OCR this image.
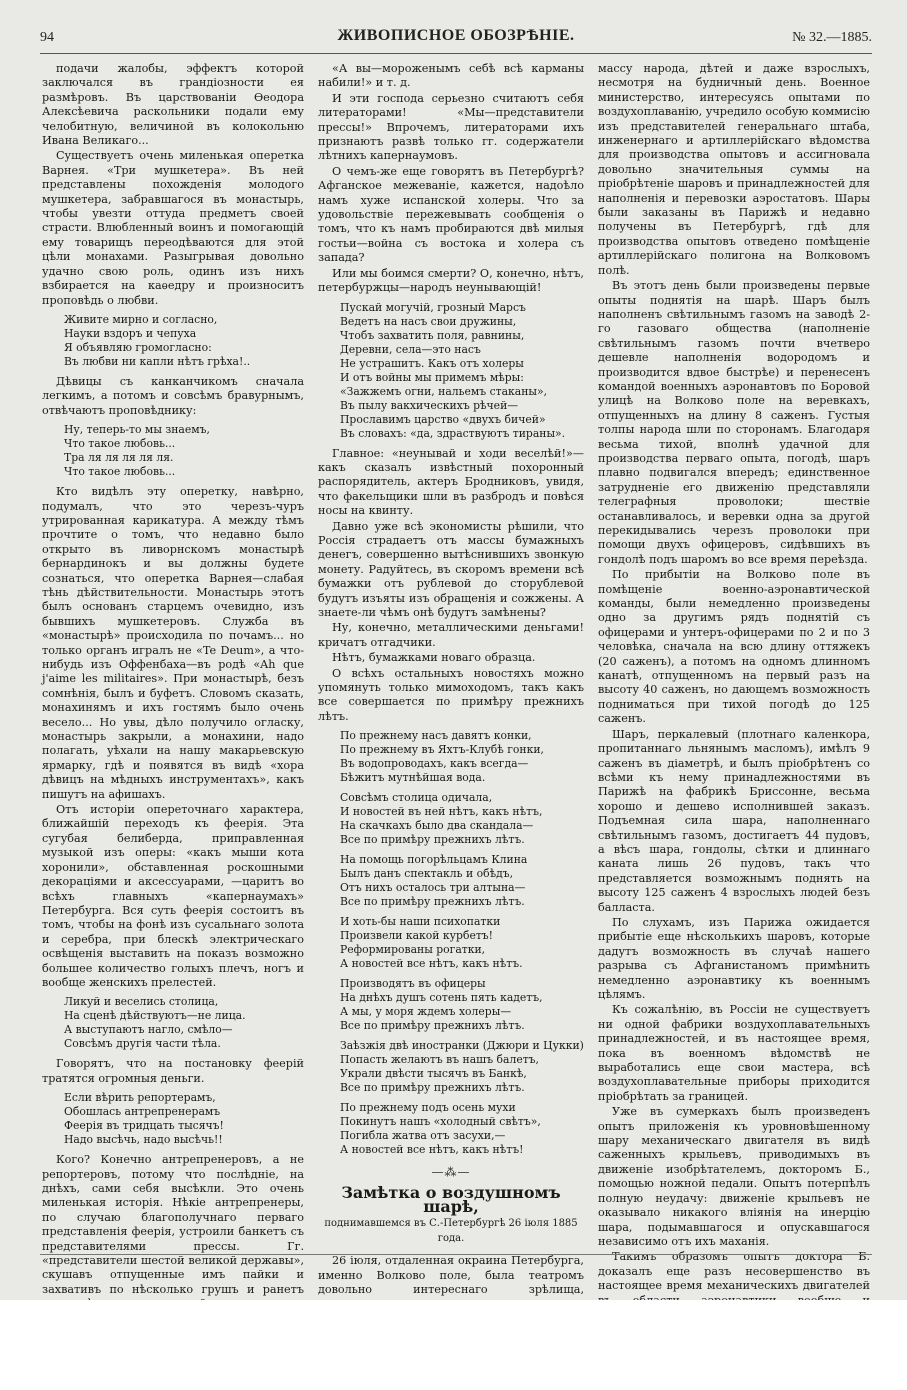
94	ЖИВОПИСНОЕ ОБОЗРѢНІЕ.	№ 32.—1885.

подачи жалобы, эффектъ которой заключался въ грандіозности ея размѣровъ. Въ царствованіи Ѳеодора Алексѣевича раскольники подали ему челобитную, величиной въ колокольню Ивана Великаго...

Существуетъ очень миленькая оперетка Варнея. «Три мушкетера». Въ ней представлены похожденія молодого мушкетера, забравшагося въ монастырь, чтобы увезти оттуда предметъ своей страсти. Влюбленный воинъ и помогающій ему товарищъ переодѣваются для этой цѣли монахами. Разыгрывая довольно удачно свою роль, одинъ изъ нихъ взбирается на каѳедру и произноситъ проповѣдь о любви.

Живите мирно и согласно,
Науки вздоръ и чепуха
Я объявляю громогласно:
Въ любви ни капли нѣтъ грѣха!..

Дѣвицы съ канканчикомъ сначала легкимъ, а потомъ и совсѣмъ бравурнымъ, отвѣчаютъ проповѣднику:

Ну, теперь-то мы знаемъ,
Что такое любовь...
Тра ля ля ля ля ля.
Что такое любовь...

Кто видѣлъ эту оперетку, навѣрно, подумалъ, что это черезъ-чуръ утрированная карикатура. А между тѣмъ прочтите о томъ, что недавно было открыто въ ливорнскомъ монастырѣ бернардинокъ и вы должны будете сознаться, что оперетка Варнея—слабая тѣнь дѣйствительности. Монастырь этотъ былъ основанъ старцемъ очевидно, изъ бывшихъ мушкетеровъ. Служба въ «монастырѣ» происходила по почамъ... но только органъ игралъ не «Te Deum», а что-нибудь изъ Оффенбаха—въ родѣ «Ah que j'aime les militaires». При монастырѣ, безъ сомнѣнія, былъ и буфетъ. Словомъ сказать, монахинямъ и ихъ гостямъ было очень весело... Но увы, дѣло получило огласку, монастырь закрыли, а монахини, надо полагать, уѣхали на нашу макарьевскую ярмарку, гдѣ и появятся въ видѣ «хора дѣвицъ на мѣдныхъ инструментахъ», какъ пишутъ на афишахъ.

Отъ исторіи опереточнаго характера, ближайшій переходъ къ феерія. Эта сугубая белиберда, приправленная музыкой изъ оперы: «какъ мыши кота хоронили», обставленная роскошными декораціями и аксессуарами, —царитъ во всѣхъ главныхъ «капернаумахъ» Петербурга. Вся суть феерія состоитъ въ томъ, чтобы на фонѣ изъ сусальнаго золота и серебра, при блескѣ электрическаго освѣщенія выставить на показъ возможно большее количество голыхъ плечъ, ногъ и вообще женскихъ прелестей.

Ликуй и веселись столица,
На сценѣ дѣйствуютъ—не лица.
А выступаютъ нагло, смѣло—
Совсѣмъ другія части тѣла.

Говорятъ, что на постановку феерій тратятся огромныя деньги.

Если вѣрить репортерамъ,
Обошлась антрепренерамъ
Феерія въ тридцать тысячъ!
Надо высѣчь, надо высѣчь!!

Кого? Конечно антрепренеровъ, а не репортеровъ, потому что послѣдніе, на днѣхъ, сами себя высѣкли. Это очень миленькая исторія. Нѣкіе антрепренеры, по случаю благополучнаго перваго представленія феерія, устроили банкетъ съ представителями прессы. Гг. «представители шестой великой державы», скушавъ отпущенные имъ пайки и захвативъ по нѣсколько грушъ и ранетъ

«А вы—мороженымъ себѣ всѣ карманы набили!» и т. д.

И эти господа серьезно считаютъ себя литераторами! «Мы—представители прессы!» Впрочемъ, литераторами ихъ признаютъ развѣ только гг. содержатели лѣтнихъ капернаумовъ.

О чемъ-же еще говорятъ въ Петербургѣ? Афганское межеваніе, кажется, надоѣло намъ хуже испанской холеры. Что за удовольствіе пережевывать сообщенія о томъ, что къ намъ пробираются двѣ милыя гостьи—война съ востока и холера съ запада?

Или мы боимся смерти? О, конечно, нѣтъ, петербуржцы—народъ неунывающій!

Пускай могучій, грозный Марсъ
Ведетъ на насъ свои дружины,
Чтобъ захватить поля, равнины,
Деревни, села—это насъ
Не устрашитъ. Какъ отъ холеры
И отъ войны мы примемъ мѣры:
«Зажжемъ огни, нальемъ стаканы»,
Въ пылу вакхическихъ рѣчей—
Прославимъ царство «двухъ бичей»
Въ словахъ: «да, здраствуютъ тираны».

Главное: «неунывай и ходи веселѣй!»—какъ сказалъ извѣстный похоронный распорядитель, актеръ Бродниковъ, увидя, что факельщики шли въ разбродъ и повѣся носы на квинту.

Давно уже всѣ экономисты рѣшили, что Россія страдаетъ отъ массы бумажныхъ денегъ, совершенно вытѣснившихъ звонкую монету. Радуйтесь, въ скоромъ времени всѣ бумажки отъ рублевой до сторублевой будутъ изъяты изъ обращенія и сожжены. А знаете-ли чѣмъ онѣ будутъ замѣнены?

Ну, конечно, металлическими деньгами! кричатъ отгадчики.

Нѣтъ, бумажками новаго образца.

О всѣхъ остальныхъ новостяхъ можно упомянуть только мимоходомъ, такъ какъ все совершается по примѣру прежнихъ лѣтъ.

По прежнему насъ давятъ конки,
По прежнему въ Яхтъ-Клубѣ гонки,
Въ водопроводахъ, какъ всегда—
Бѣжитъ мутнѣйшая вода.
Совсѣмъ столица одичала,
И новостей въ ней нѣтъ, какъ нѣтъ,
На скачкахъ было два скандала—
Все по примѣру прежнихъ лѣтъ.
На помощь погорѣльцамъ Клина
Былъ данъ спектакль и обѣдъ,
Отъ нихъ осталось три алтына—
Все по примѣру прежнихъ лѣтъ.
И хоть-бы наши психопатки
Произвели какой курбетъ!
Реформированы рогатки,
А новостей все нѣтъ, какъ нѣтъ.
Производятъ въ офицеры
На днѣхъ душъ сотень пять кадетъ,
А мы, у моря ждемъ холеры—
Все по примѣру прежнихъ лѣтъ.
Заѣзжія двѣ иностранки (Джюри и Цукки)
Попасть желаютъ въ нашъ балетъ,
Украли двѣсти тысячъ въ Банкѣ,
Все по примѣру прежнихъ лѣтъ.
По прежнему подъ осень мухи
Покинутъ нашъ «холодный свѣтъ»,
Погибла жатва отъ засухи,—
А новостей все нѣтъ, какъ нѣтъ!
—⁂—
Замѣтка о воздушномъ шарѣ,
поднимавшемся въ С.-Петербургѣ 26 іюля 1885 года.

26 іюля, отдаленная окраина Петербурга, именно Волково поле, была театромъ довольно интереснаго зрѣлища,

массу народа, дѣтей и даже взрослыхъ, несмотря на будничный день. Военное министерство, интересуясь опытами по воздухоплаванію, учредило особую коммисію изъ представителей генеральнаго штаба, инженернаго и артиллерійскаго вѣдомства для производства опытовъ и ассигновала довольно значительныя суммы на пріобрѣтеніе шаровъ и принадлежностей для наполненія и перевозки аэростатовъ. Шары были заказаны въ Парижѣ и недавно получены въ Петербургѣ, гдѣ для производства опытовъ отведено помѣщеніе артиллерійскаго полигона на Волковомъ полѣ.

Въ этотъ день были произведены первые опыты поднятія на шарѣ. Шаръ былъ наполненъ свѣтильнымъ газомъ на заводѣ 2-го газоваго общества (наполненіе свѣтильнымъ газомъ почти вчетверо дешевле наполненія водородомъ и производится вдвое быстрѣе) и перенесенъ командой военныхъ аэронавтовъ по Боровой улицѣ на Волково поле на веревкахъ, отпущенныхъ на длину 8 саженъ. Густыя толпы народа шли по сторонамъ. Благодаря весьма тихой, вполнѣ удачной для производства перваго опыта, погодѣ, шаръ плавно подвигался впередъ; единственное затрудненіе его движенію представляли телеграфныя проволоки; шествіе останавливалось, и веревки одна за другой перекидывались черезъ проволоки при помощи двухъ офицеровъ, сидѣвшихъ въ гондолѣ подъ шаромъ во все время переѣзда.

По прибытіи на Волково поле въ помѣщеніе военно-аэронавтической команды, были немедленно произведены одно за другимъ рядъ поднятій съ офицерами и унтеръ-офицерами по 2 и по 3 человѣка, сначала на всю длину оттяжекъ (20 саженъ), а потомъ на одномъ длинномъ канатѣ, отпущенномъ на первый разъ на высоту 40 саженъ, но дающемъ возможность подниматься при тихой погодѣ до 125 саженъ.

Шаръ, перкалевый (плотнаго каленкора, пропитаннаго льнянымъ масломъ), имѣлъ 9 саженъ въ діаметрѣ, и былъ пріобрѣтенъ со всѣми къ нему принадлежностями въ Парижѣ на фабрикѣ Бриссонне, весьма хорошо и дешево исполнившей заказъ. Подъемная сила шара, наполненнаго свѣтильнымъ газомъ, достигаетъ 44 пудовъ, а вѣсъ шара, гондолы, сѣтки и длиннаго каната лишь 26 пудовъ, такъ что представляется возможнымъ поднять на высоту 125 саженъ 4 взрослыхъ людей безъ балласта.

По слухамъ, изъ Парижа ожидается прибытіе еще нѣсколькихъ шаровъ, которые дадутъ возможность въ случаѣ нашего разрыва съ Афганистаномъ примѣнить немедленно аэронавтику къ военнымъ цѣлямъ.

Къ сожалѣнію, въ Россіи не существуетъ ни одной фабрики воздухоплавательныхъ принадлежностей, и въ настоящее время, пока въ военномъ вѣдомствѣ не выработались еще свои мастера, всѣ воздухоплавательные приборы приходится пріобрѣтать за границей.

Уже въ сумеркахъ былъ произведенъ опытъ приложенія къ уровновѣшенному шару механическаго двигателя въ видѣ саженныхъ крыльевъ, приводимыхъ въ движеніе изобрѣтателемъ, докторомъ Б., помощью ножной педали. Опытъ потерпѣлъ полную неудачу: движеніе крыльевъ не оказывало никакого вліянія на инерцію шара, подымавшагося и опускавшагося независимо отъ ихъ маханія.

Такимъ образомъ опытъ доктора Б. доказалъ еще разъ несовершенство въ настоящее время механическихъ двигателей
